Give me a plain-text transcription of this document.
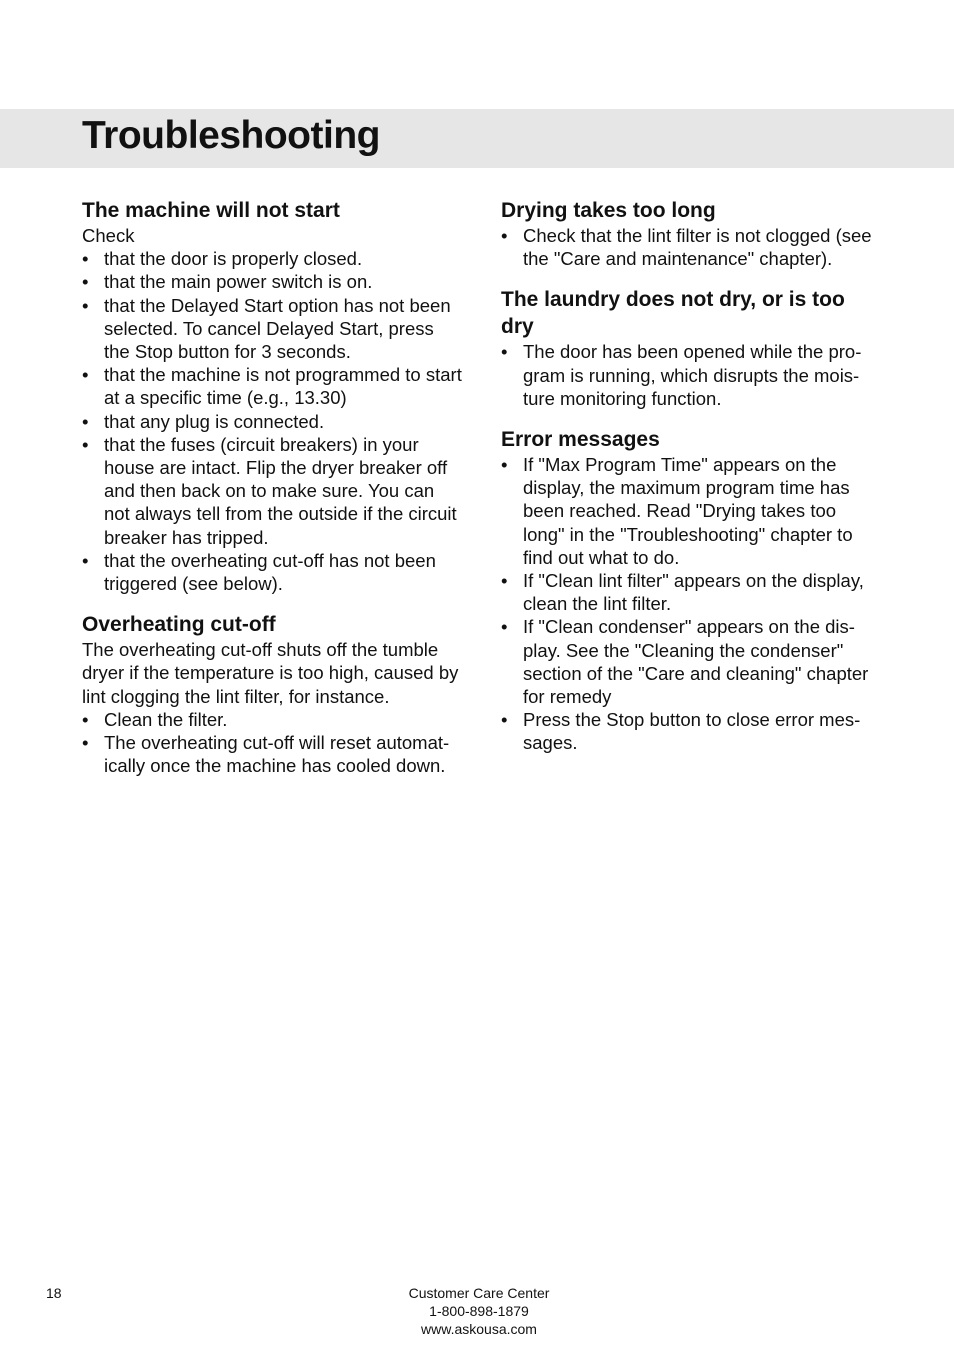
Troubleshooting
The machine will not start

Check

• that the door is properly closed.
• that the main power switch is on.
• that the Delayed Start option has not been selected. To cancel Delayed Start, press the Stop button for 3 seconds.
• that the machine is not programmed to start at a specific time (e.g., 13.30)
• that any plug is connected.
• that the fuses (circuit breakers) in your house are intact. Flip the dryer breaker off and then back on to make sure. You can not always tell from the outside if the circuit breaker has tripped.
• that the overheating cut-off has not been triggered (see below).
Overheating cut-off

The overheating cut-off shuts off the tumble dryer if the temperature is too high, caused by lint clogging the lint filter, for instance.

• Clean the filter.
• The overheating cut-off will reset automat-ically once the machine has cooled down.
Drying takes too long
• Check that the lint filter is not clogged (see the "Care and maintenance" chapter).
The laundry does not dry, or is too dry
• The door has been opened while the pro-gram is running, which disrupts the mois-ture monitoring function.
Error messages
• If "Max Program Time" appears on the display, the maximum program time has been reached. Read "Drying takes too long" in the "Troubleshooting" chapter to find out what to do.
• If "Clean lint filter" appears on the display, clean the lint filter.
• If "Clean condenser" appears on the dis-play. See the "Cleaning the condenser" section of the "Care and cleaning" chapter for remedy
• Press the Stop button to close error mes-sages.
18	Customer Care Center
1-800-898-1879
www.askousa.com
